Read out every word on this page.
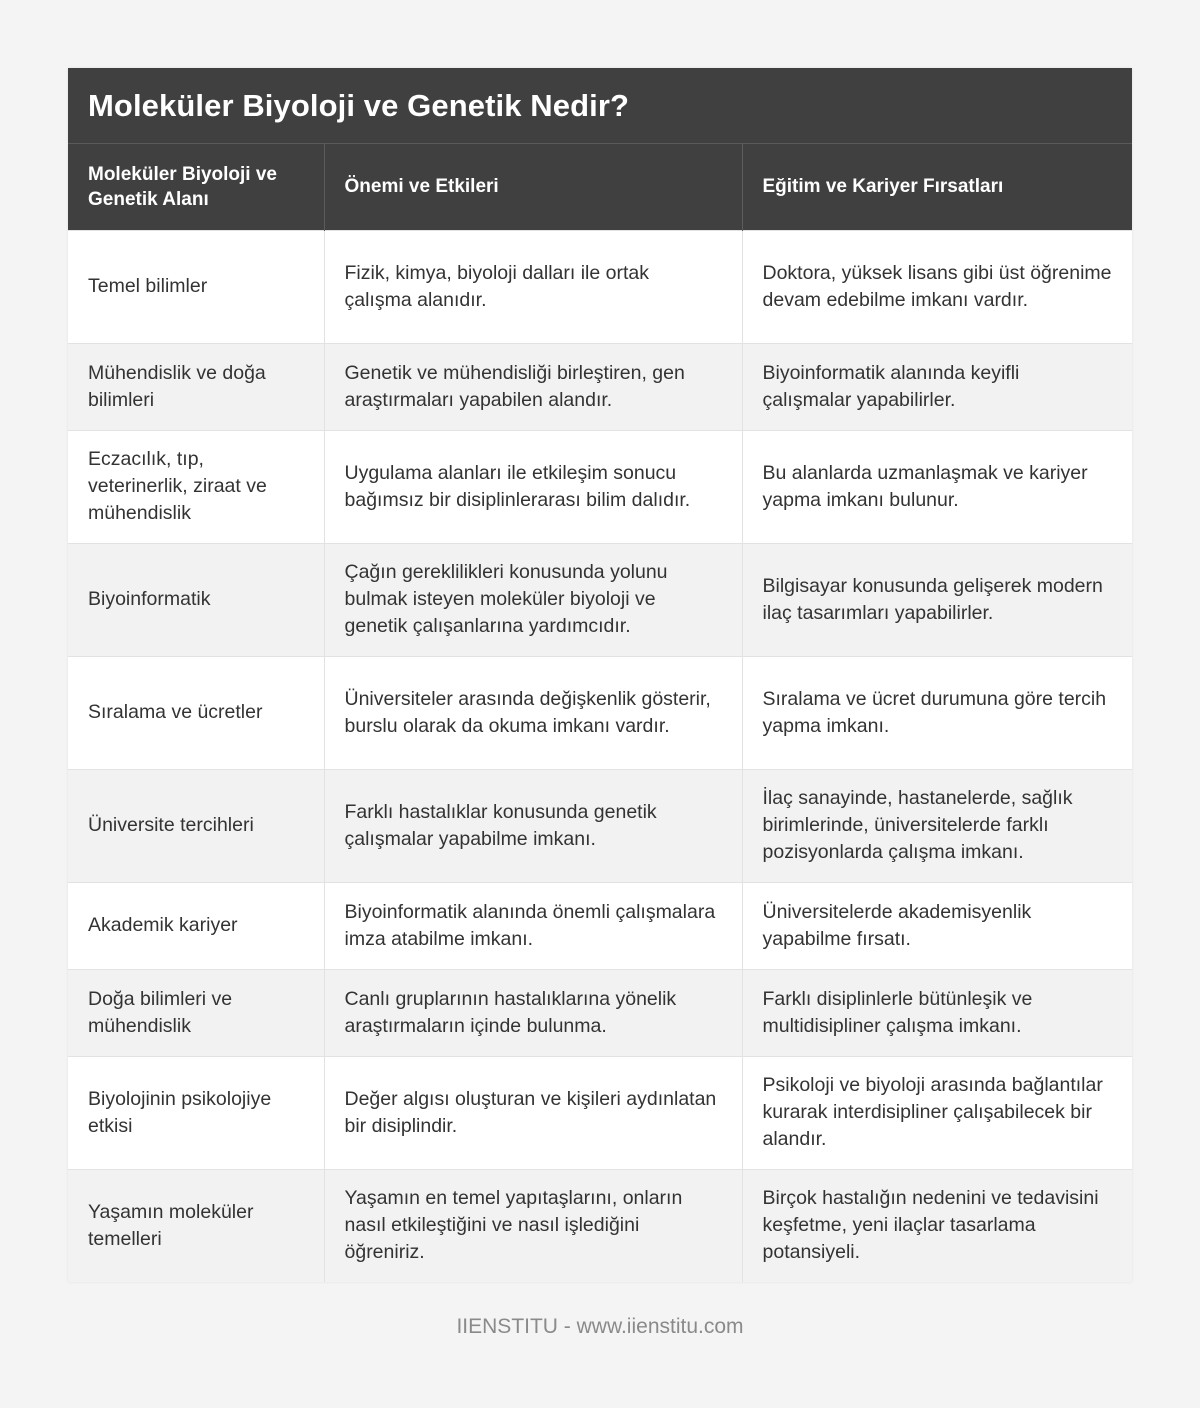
Moleküler Biyoloji ve Genetik Nedir?
Moleküler Biyoloji ve Genetik Alanı	Önemi ve Etkileri	Eğitim ve Kariyer Fırsatları
Temel bilimler	Fizik, kimya, biyoloji dalları ile ortak çalışma alanıdır.	Doktora, yüksek lisans gibi üst öğrenime devam edebilme imkanı vardır.
Mühendislik ve doğa bilimleri	Genetik ve mühendisliği birleştiren, gen araştırmaları yapabilen alandır.	Biyoinformatik alanında keyifli çalışmalar yapabilirler.
Eczacılık, tıp, veterinerlik, ziraat ve mühendislik	Uygulama alanları ile etkileşim sonucu bağımsız bir disiplinlerarası bilim dalıdır.	Bu alanlarda uzmanlaşmak ve kariyer yapma imkanı bulunur.
Biyoinformatik	Çağın gereklilikleri konusunda yolunu bulmak isteyen moleküler biyoloji ve genetik çalışanlarına yardımcıdır.	Bilgisayar konusunda gelişerek modern ilaç tasarımları yapabilirler.
Sıralama ve ücretler	Üniversiteler arasında değişkenlik gösterir, burslu olarak da okuma imkanı vardır.	Sıralama ve ücret durumuna göre tercih yapma imkanı.
Üniversite tercihleri	Farklı hastalıklar konusunda genetik çalışmalar yapabilme imkanı.	İlaç sanayinde, hastanelerde, sağlık birimlerinde, üniversitelerde farklı pozisyonlarda çalışma imkanı.
Akademik kariyer	Biyoinformatik alanında önemli çalışmalara imza atabilme imkanı.	Üniversitelerde akademisyenlik yapabilme fırsatı.
Doğa bilimleri ve mühendislik	Canlı gruplarının hastalıklarına yönelik araştırmaların içinde bulunma.	Farklı disiplinlerle bütünleşik ve multidisipliner çalışma imkanı.
Biyolojinin psikolojiye etkisi	Değer algısı oluşturan ve kişileri aydınlatan bir disiplindir.	Psikoloji ve biyoloji arasında bağlantılar kurarak interdisipliner çalışabilecek bir alandır.
Yaşamın moleküler temelleri	Yaşamın en temel yapıtaşlarını, onların nasıl etkileştiğini ve nasıl işlediğini öğreniriz.	Birçok hastalığın nedenini ve tedavisini keşfetme, yeni ilaçlar tasarlama potansiyeli.
IIENSTITU - www.iienstitu.com
